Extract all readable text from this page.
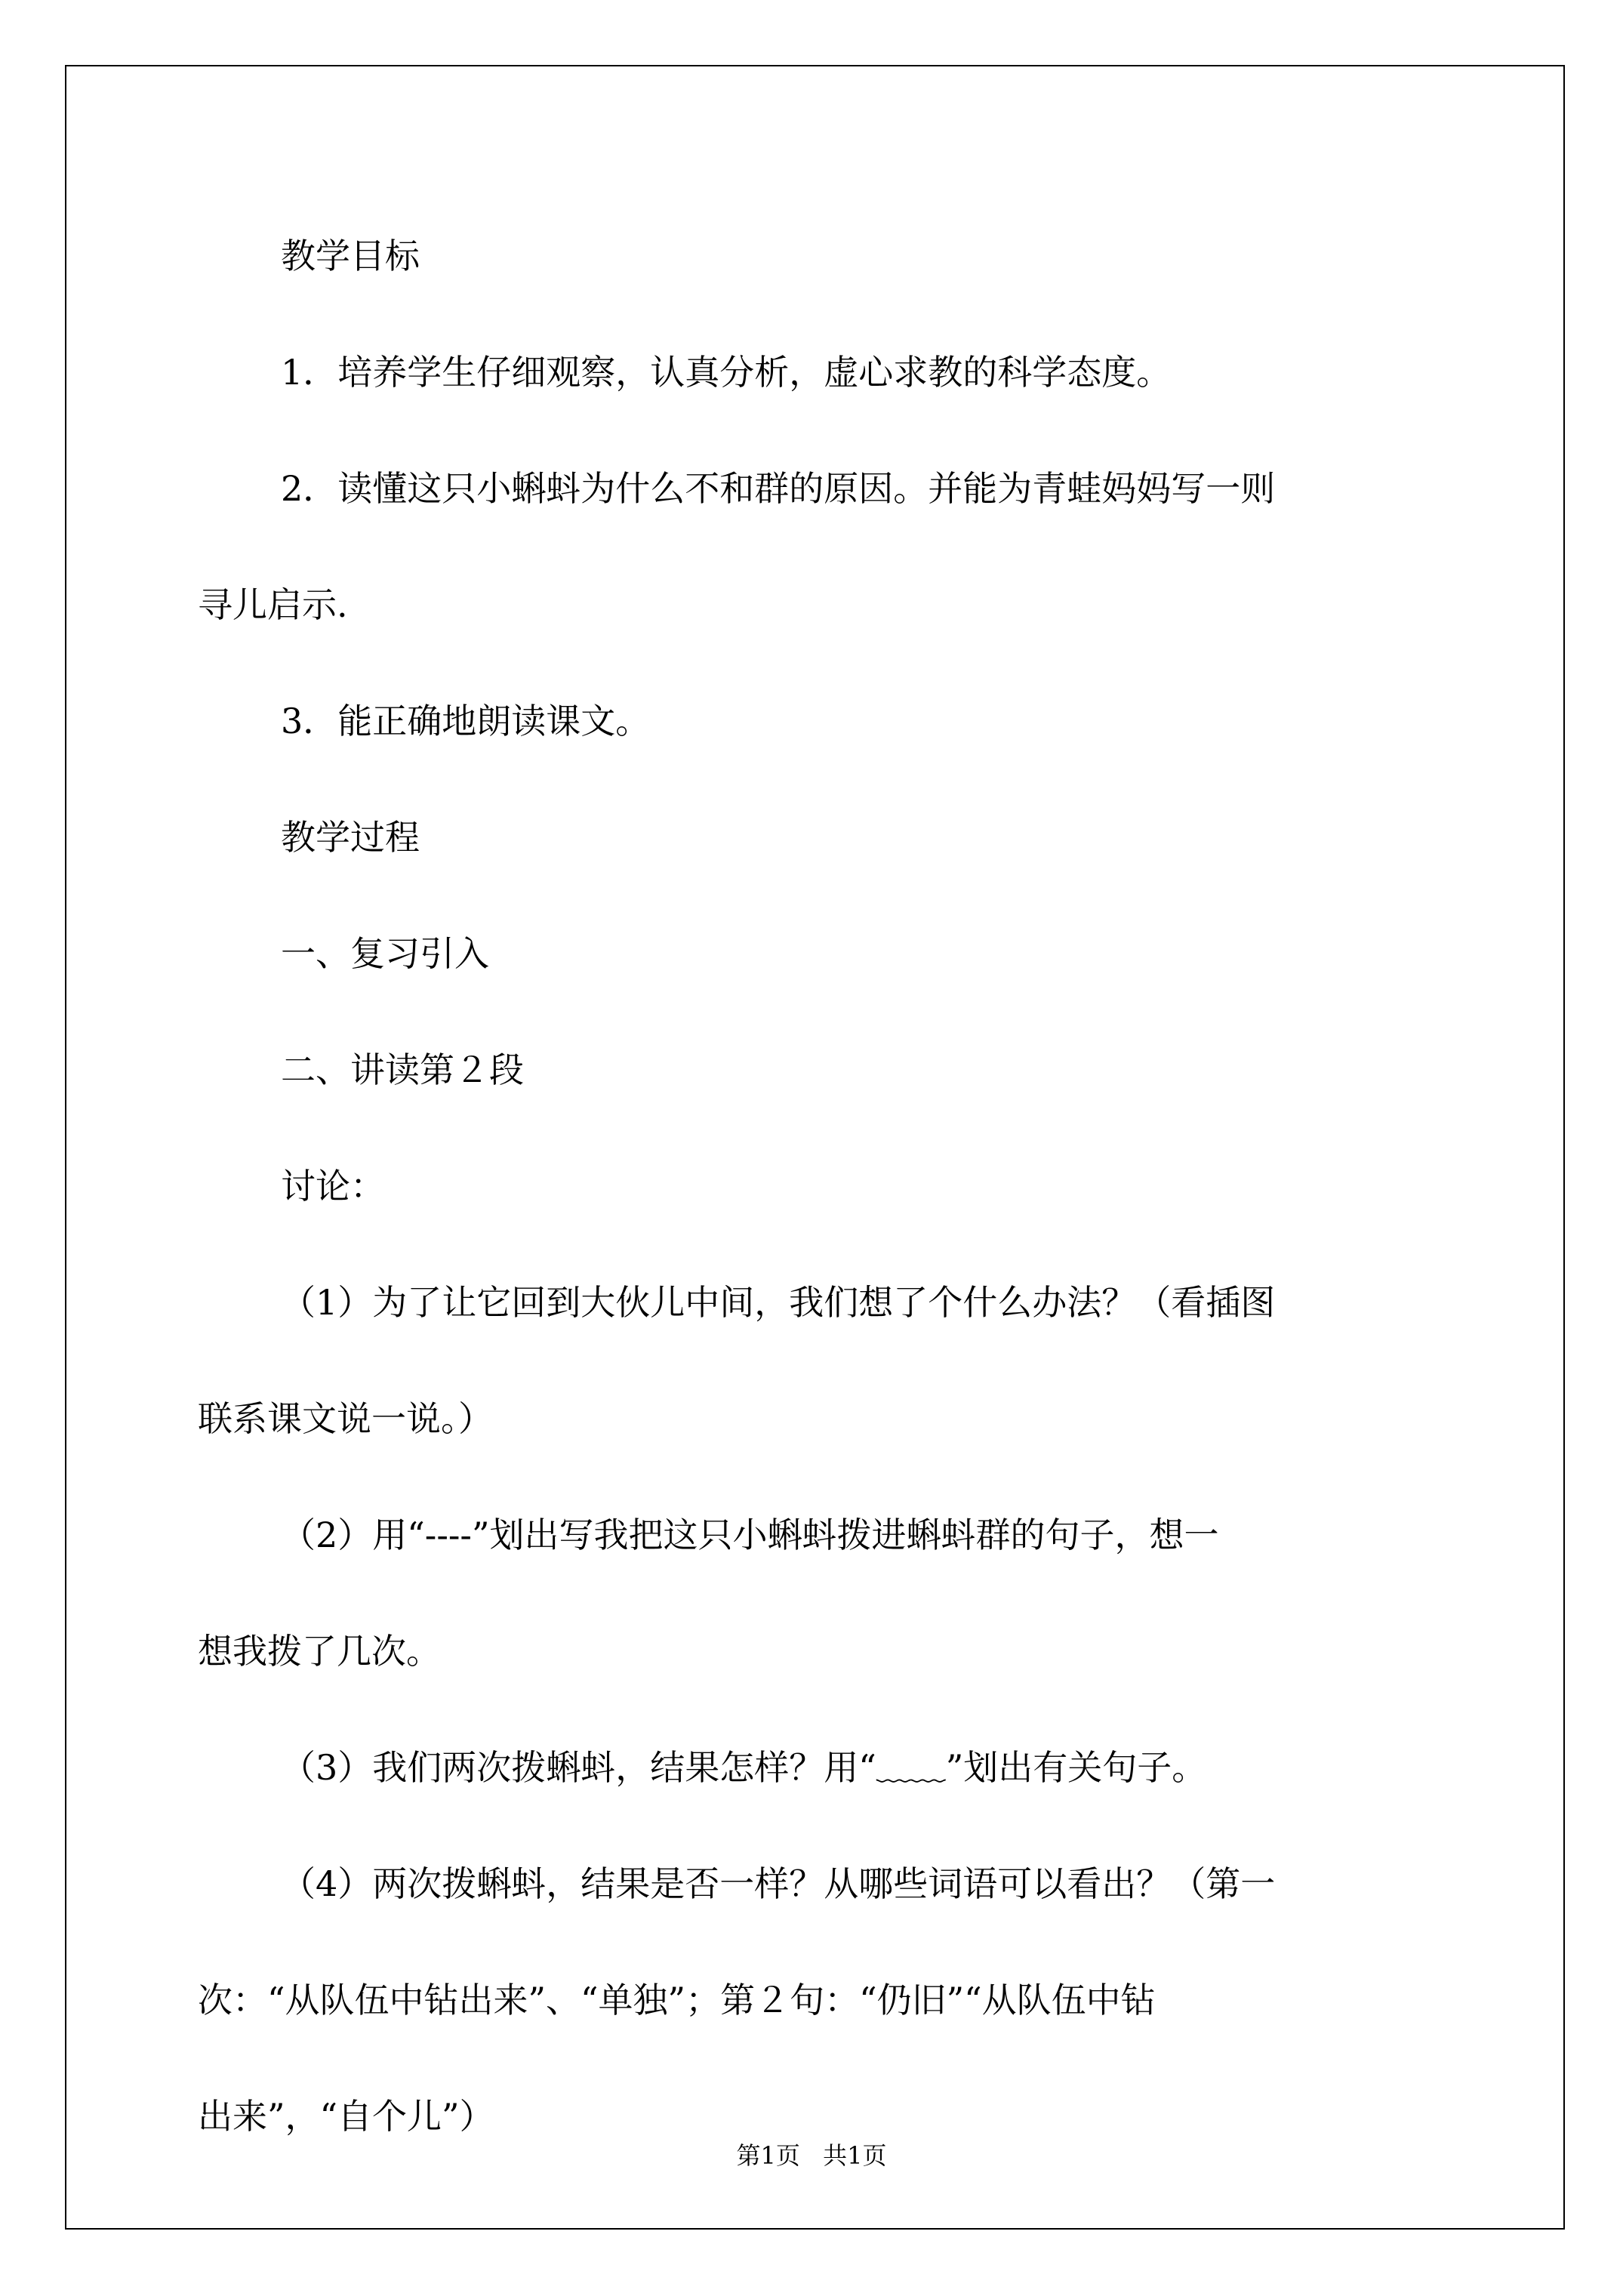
教学目标

1．培养学生仔细观察，认真分析，虚心求教的科学态度。

2．读懂这只小蝌蚪为什么不和群的原因。并能为青蛙妈妈写一则

寻儿启示.

3．能正确地朗读课文。

教学过程

一、复习引入

二、讲读第２段

讨论：

（1）为了让它回到大伙儿中间，我们想了个什么办法？（看插图

联系课文说一说。）

（2）用“----”划出写我把这只小蝌蚪拨进蝌蚪群的句子，想一

想我拨了几次。

（3）我们两次拨蝌蚪，结果怎样？用“﹏﹏”划出有关句子。

（4）两次拨蝌蚪，结果是否一样？从哪些词语可以看出？（第一

次：“从队伍中钻出来”、“单独”；第２句：“仍旧”“从队伍中钻

出来”，“自个儿”）

第1页 共1页
